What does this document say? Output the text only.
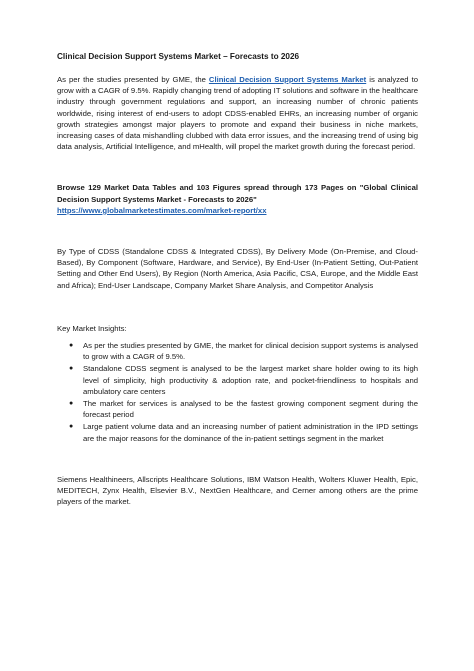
Clinical Decision Support Systems Market – Forecasts to 2026

As per the studies presented by GME, the Clinical Decision Support Systems Market is analyzed to grow with a CAGR of 9.5%. Rapidly changing trend of adopting IT solutions and software in the healthcare industry through government regulations and support, an increasing number of chronic patients worldwide, rising interest of end-users to adopt CDSS-enabled EHRs, an increasing number of organic growth strategies amongst major players to promote and expand their business in niche markets, increasing cases of data mishandling clubbed with data error issues, and the increasing trend of using big data analysis, Artificial Intelligence, and mHealth, will propel the market growth during the forecast period.

Browse 129 Market Data Tables and 103 Figures spread through 173 Pages on "Global Clinical Decision Support Systems Market - Forecasts to 2026"
https://www.globalmarketestimates.com/market-report/xx

By Type of CDSS (Standalone CDSS & Integrated CDSS), By Delivery Mode (On-Premise, and Cloud-Based), By Component (Software, Hardware, and Service), By End-User (In-Patient Setting, Out-Patient Setting and Other End Users), By Region (North America, Asia Pacific, CSA, Europe, and the Middle East and Africa); End-User Landscape, Company Market Share Analysis, and Competitor Analysis

Key Market Insights:

● As per the studies presented by GME, the market for clinical decision support systems is analysed to grow with a CAGR of 9.5%.
● Standalone CDSS segment is analysed to be the largest market share holder owing to its high level of simplicity, high productivity & adoption rate, and pocket-friendliness to hospitals and ambulatory care centers
● The market for services is analysed to be the fastest growing component segment during the forecast period
● Large patient volume data and an increasing number of patient administration in the IPD settings are the major reasons for the dominance of the in-patient settings segment in the market

Siemens Healthineers, Allscripts Healthcare Solutions, IBM Watson Health, Wolters Kluwer Health, Epic, MEDITECH, Zynx Health, Elsevier B.V., NextGen Healthcare, and Cerner among others are the prime players of the market.
